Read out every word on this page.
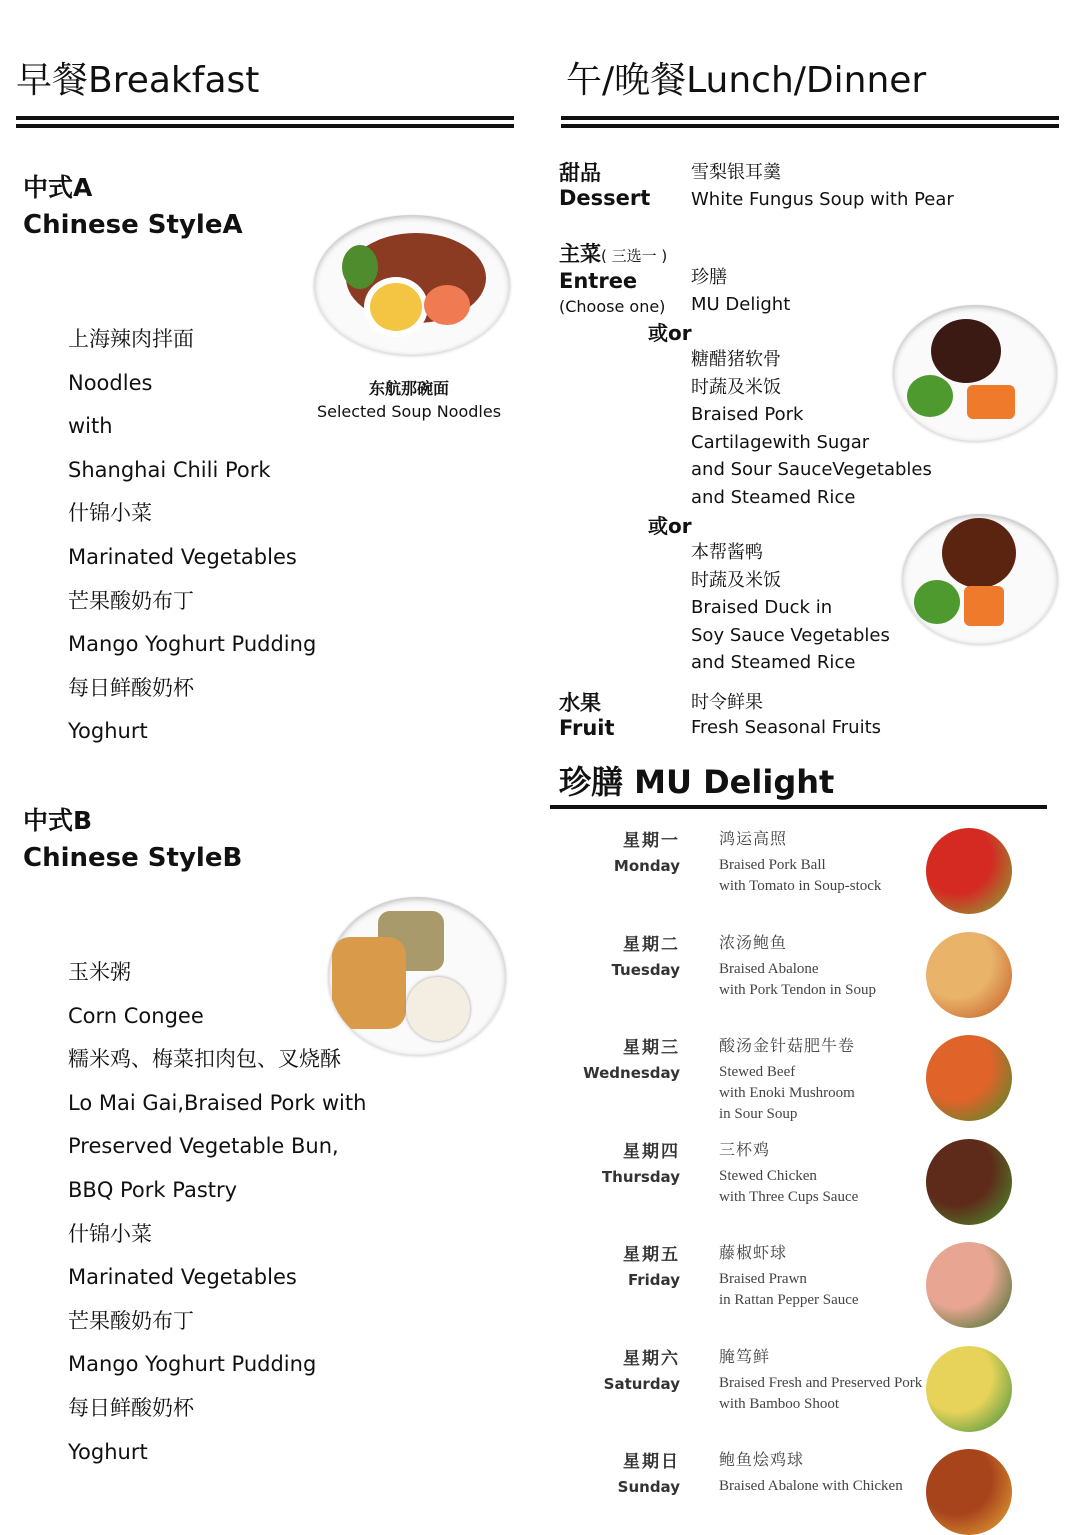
早餐Breakfast
中式A
Chinese StyleA
上海辣肉拌面
Noodles
with
Shanghai Chili Pork
什锦小菜
Marinated Vegetables
芒果酸奶布丁
Mango Yoghurt Pudding
每日鲜酸奶杯
Yoghurt
东航那碗面
Selected Soup Noodles
中式B
Chinese StyleB
玉米粥
Corn Congee
糯米鸡、梅菜扣肉包、叉烧酥
Lo Mai Gai,Braised Pork with
Preserved Vegetable Bun,
BBQ Pork Pastry
什锦小菜
Marinated Vegetables
芒果酸奶布丁
Mango Yoghurt Pudding
每日鲜酸奶杯
Yoghurt
午/晚餐Lunch/Dinner
甜品
Dessert
雪梨银耳羹
White Fungus Soup with Pear
主菜( 三选一 )
Entree
(Choose one)
珍膳
MU Delight
或or
糖醋猪软骨
时蔬及米饭
Braised Pork
Cartilagewith Sugar
and Sour SauceVegetables
and Steamed Rice
或or
本帮酱鸭
时蔬及米饭
Braised Duck in
Soy Sauce Vegetables
and Steamed Rice
水果
Fruit
时令鲜果
Fresh Seasonal Fruits
珍膳 MU Delight
星期一
Monday
鸿运高照
Braised Pork Ball
with Tomato in Soup-stock
星期二
Tuesday
浓汤鲍鱼
Braised Abalone
with Pork Tendon in Soup
星期三
Wednesday
酸汤金针菇肥牛卷
Stewed Beef
with Enoki Mushroom
in Sour Soup
星期四
Thursday
三杯鸡
Stewed Chicken
with Three Cups Sauce
星期五
Friday
藤椒虾球
Braised Prawn
in Rattan Pepper Sauce
星期六
Saturday
腌笃鲜
Braised Fresh and Preserved Pork
with Bamboo Shoot
星期日
Sunday
鲍鱼烩鸡球
Braised Abalone with Chicken
